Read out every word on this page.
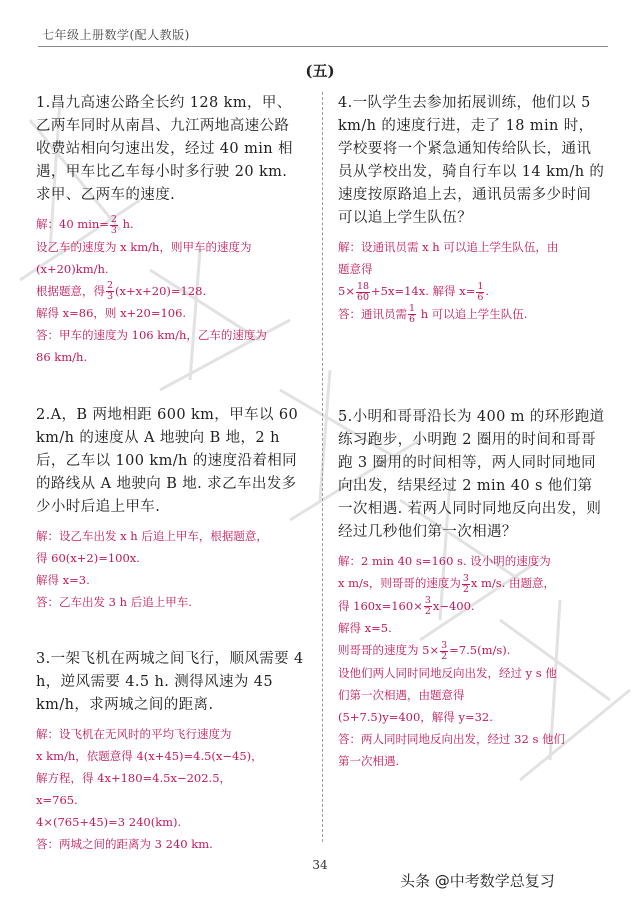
七年级上册数学(配人教版)
(五)

1.昌九高速公路全长约 128 km，甲、乙两车同时从南昌、九江两地高速公路收费站相向匀速出发，经过 40 min 相遇，甲车比乙车每小时多行驶 20 km. 求甲、乙两车的速度.

解：40 $\min= \frac{2}{3} h$.

设乙车的速度为 x km/h，则甲车的速度为

(x+20)km/h.

根据题意，得 $\frac{2}{3} (x+x+20)=128$.

解得 x=86，则 x+20=106.

答：甲车的速度为 106 km/h，乙车的速度为

86 km/h.

2.A，B 两地相距 600 km，甲车以 60 km/h 的速度从 A 地驶向 B 地，2 h 后，乙车以 100 km/h 的速度沿着相同的路线从 A 地驶向 B 地. 求乙车出发多少小时后追上甲车.

解：设乙车出发 x h 后追上甲车，根据题意，

得 60(x+2)=100x.

解得 x=3.

答：乙车出发 3 h 后追上甲车.

3.一架飞机在两城之间飞行，顺风需要 4 h，逆风需要 4.5 h. 测得风速为 45 km/h，求两城之间的距离.

解：设飞机在无风时的平均飞行速度为

x km/h，依题意得 4(x+45)=4.5(x−45)，

解方程，得 4x+180=4.5x−202.5，

x=765.

4×(765+45)=3 240(km).

答：两城之间的距离为 3 240 km.

4.一队学生去参加拓展训练，他们以 5 km/h 的速度行进，走了 18 min 时，学校要将一个紧急通知传给队长，通讯员从学校出发，骑自行车以 14 km/h 的速度按原路追上去，通讯员需多少时间可以追上学生队伍？

解：设通讯员需 x h 可以追上学生队伍，由

题意得

$5\times \frac{18}{60} +5x=14x$. 解得 $x= \frac{1}{6}$ .

答：通讯员需 $\frac{1}{6}$ h 可以追上学生队伍.

5.小明和哥哥沿长为 400 m 的环形跑道练习跑步，小明跑 2 圈用的时间和哥哥跑 3 圈用的时间相等，两人同时同地同向出发，结果经过 2 min 40 s 他们第一次相遇. 若两人同时同地反向出发，则经过几秒他们第一次相遇？

解：2 min 40 s=160 s. 设小明的速度为

x m/s，则哥哥的速度为 $\frac{3}{2}$ x m/s. 由题意，

得 $160x=160\times \frac{3}{2} x-400$.

解得 x=5.

则哥哥的速度为 $5\times \frac{3}{2} =7.5(m/s)$.

设他们两人同时同地反向出发，经过 y s 他

们第一次相遇，由题意得

(5+7.5)y=400，解得 y=32.

答：两人同时同地反向出发，经过 32 s 他们

第一次相遇.

34
头条 @中考数学总复习
